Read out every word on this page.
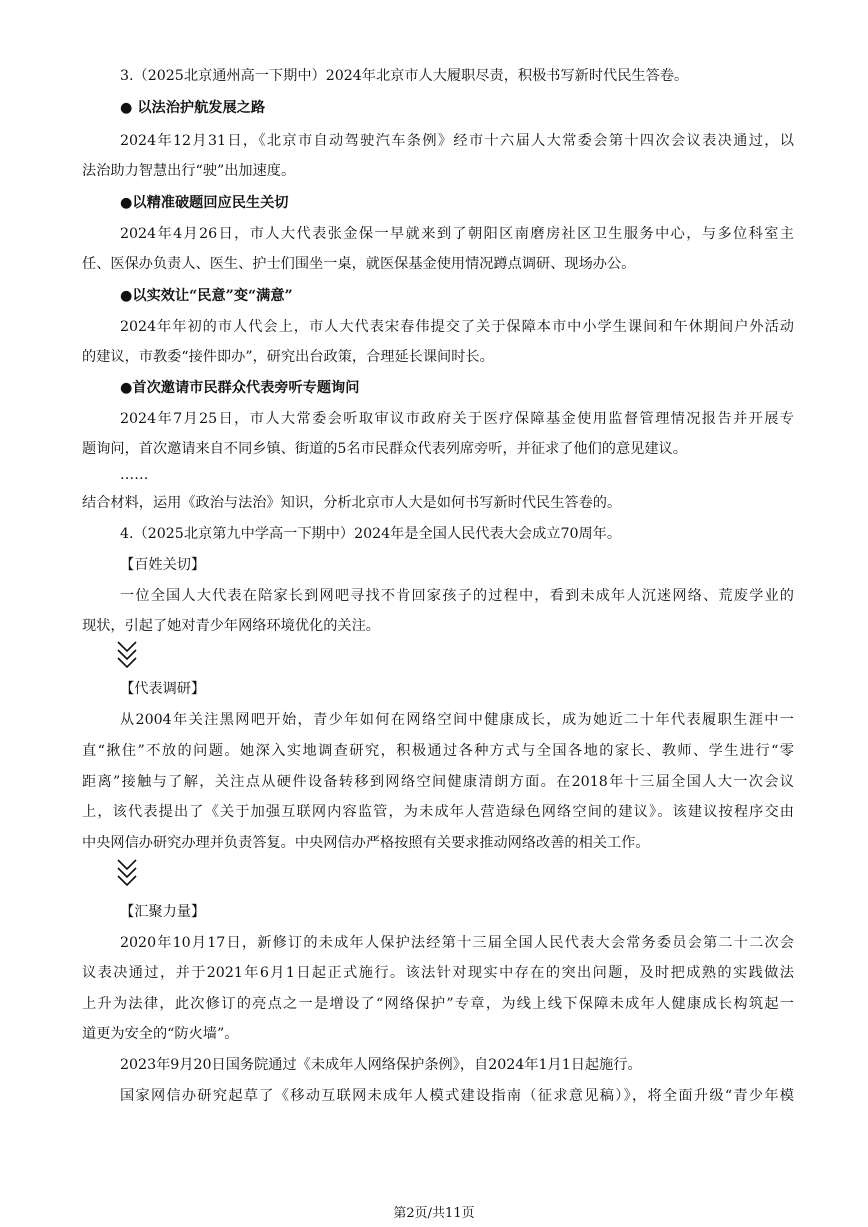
3.（2025北京通州高一下期中）2024年北京市人大履职尽责，积极书写新时代民生答卷。
● 以法治护航发展之路
2024年12月31日，《北京市自动驾驶汽车条例》经市十六届人大常委会第十四次会议表决通过，以
法治助力智慧出行“驶”出加速度。
●以精准破题回应民生关切
2024年4月26日，市人大代表张金保一早就来到了朝阳区南磨房社区卫生服务中心，与多位科室主
任、医保办负责人、医生、护士们围坐一桌，就医保基金使用情况蹲点调研、现场办公。
●以实效让“民意”变“满意”
2024年年初的市人代会上，市人大代表宋春伟提交了关于保障本市中小学生课间和午休期间户外活动
的建议，市教委“接件即办”，研究出台政策，合理延长课间时长。
●首次邀请市民群众代表旁听专题询问
2024年7月25日，市人大常委会听取审议市政府关于医疗保障基金使用监督管理情况报告并开展专
题询问，首次邀请来自不同乡镇、街道的5名市民群众代表列席旁听，并征求了他们的意见建议。
……
结合材料，运用《政治与法治》知识，分析北京市人大是如何书写新时代民生答卷的。
4.（2025北京第九中学高一下期中）2024年是全国人民代表大会成立70周年。
【百姓关切】
一位全国人大代表在陪家长到网吧寻找不肯回家孩子的过程中，看到未成年人沉迷网络、荒废学业的
现状，引起了她对青少年网络环境优化的关注。
【代表调研】
从2004年关注黑网吧开始，青少年如何在网络空间中健康成长，成为她近二十年代表履职生涯中一
直“揪住”不放的问题。她深入实地调查研究，积极通过各种方式与全国各地的家长、教师、学生进行“零
距离”接触与了解，关注点从硬件设备转移到网络空间健康清朗方面。在2018年十三届全国人大一次会议
上，该代表提出了《关于加强互联网内容监管，为未成年人营造绿色网络空间的建议》。该建议按程序交由
中央网信办研究办理并负责答复。中央网信办严格按照有关要求推动网络改善的相关工作。
【汇聚力量】
2020年10月17日，新修订的未成年人保护法经第十三届全国人民代表大会常务委员会第二十二次会
议表决通过，并于2021年6月1日起正式施行。该法针对现实中存在的突出问题，及时把成熟的实践做法
上升为法律，此次修订的亮点之一是增设了“网络保护”专章，为线上线下保障未成年人健康成长构筑起一
道更为安全的“防火墙”。
2023年9月20日国务院通过《未成年人网络保护条例》，自2024年1月1日起施行。
国家网信办研究起草了《移动互联网未成年人模式建设指南（征求意见稿）》，将全面升级“青少年模
第2页/共11页
